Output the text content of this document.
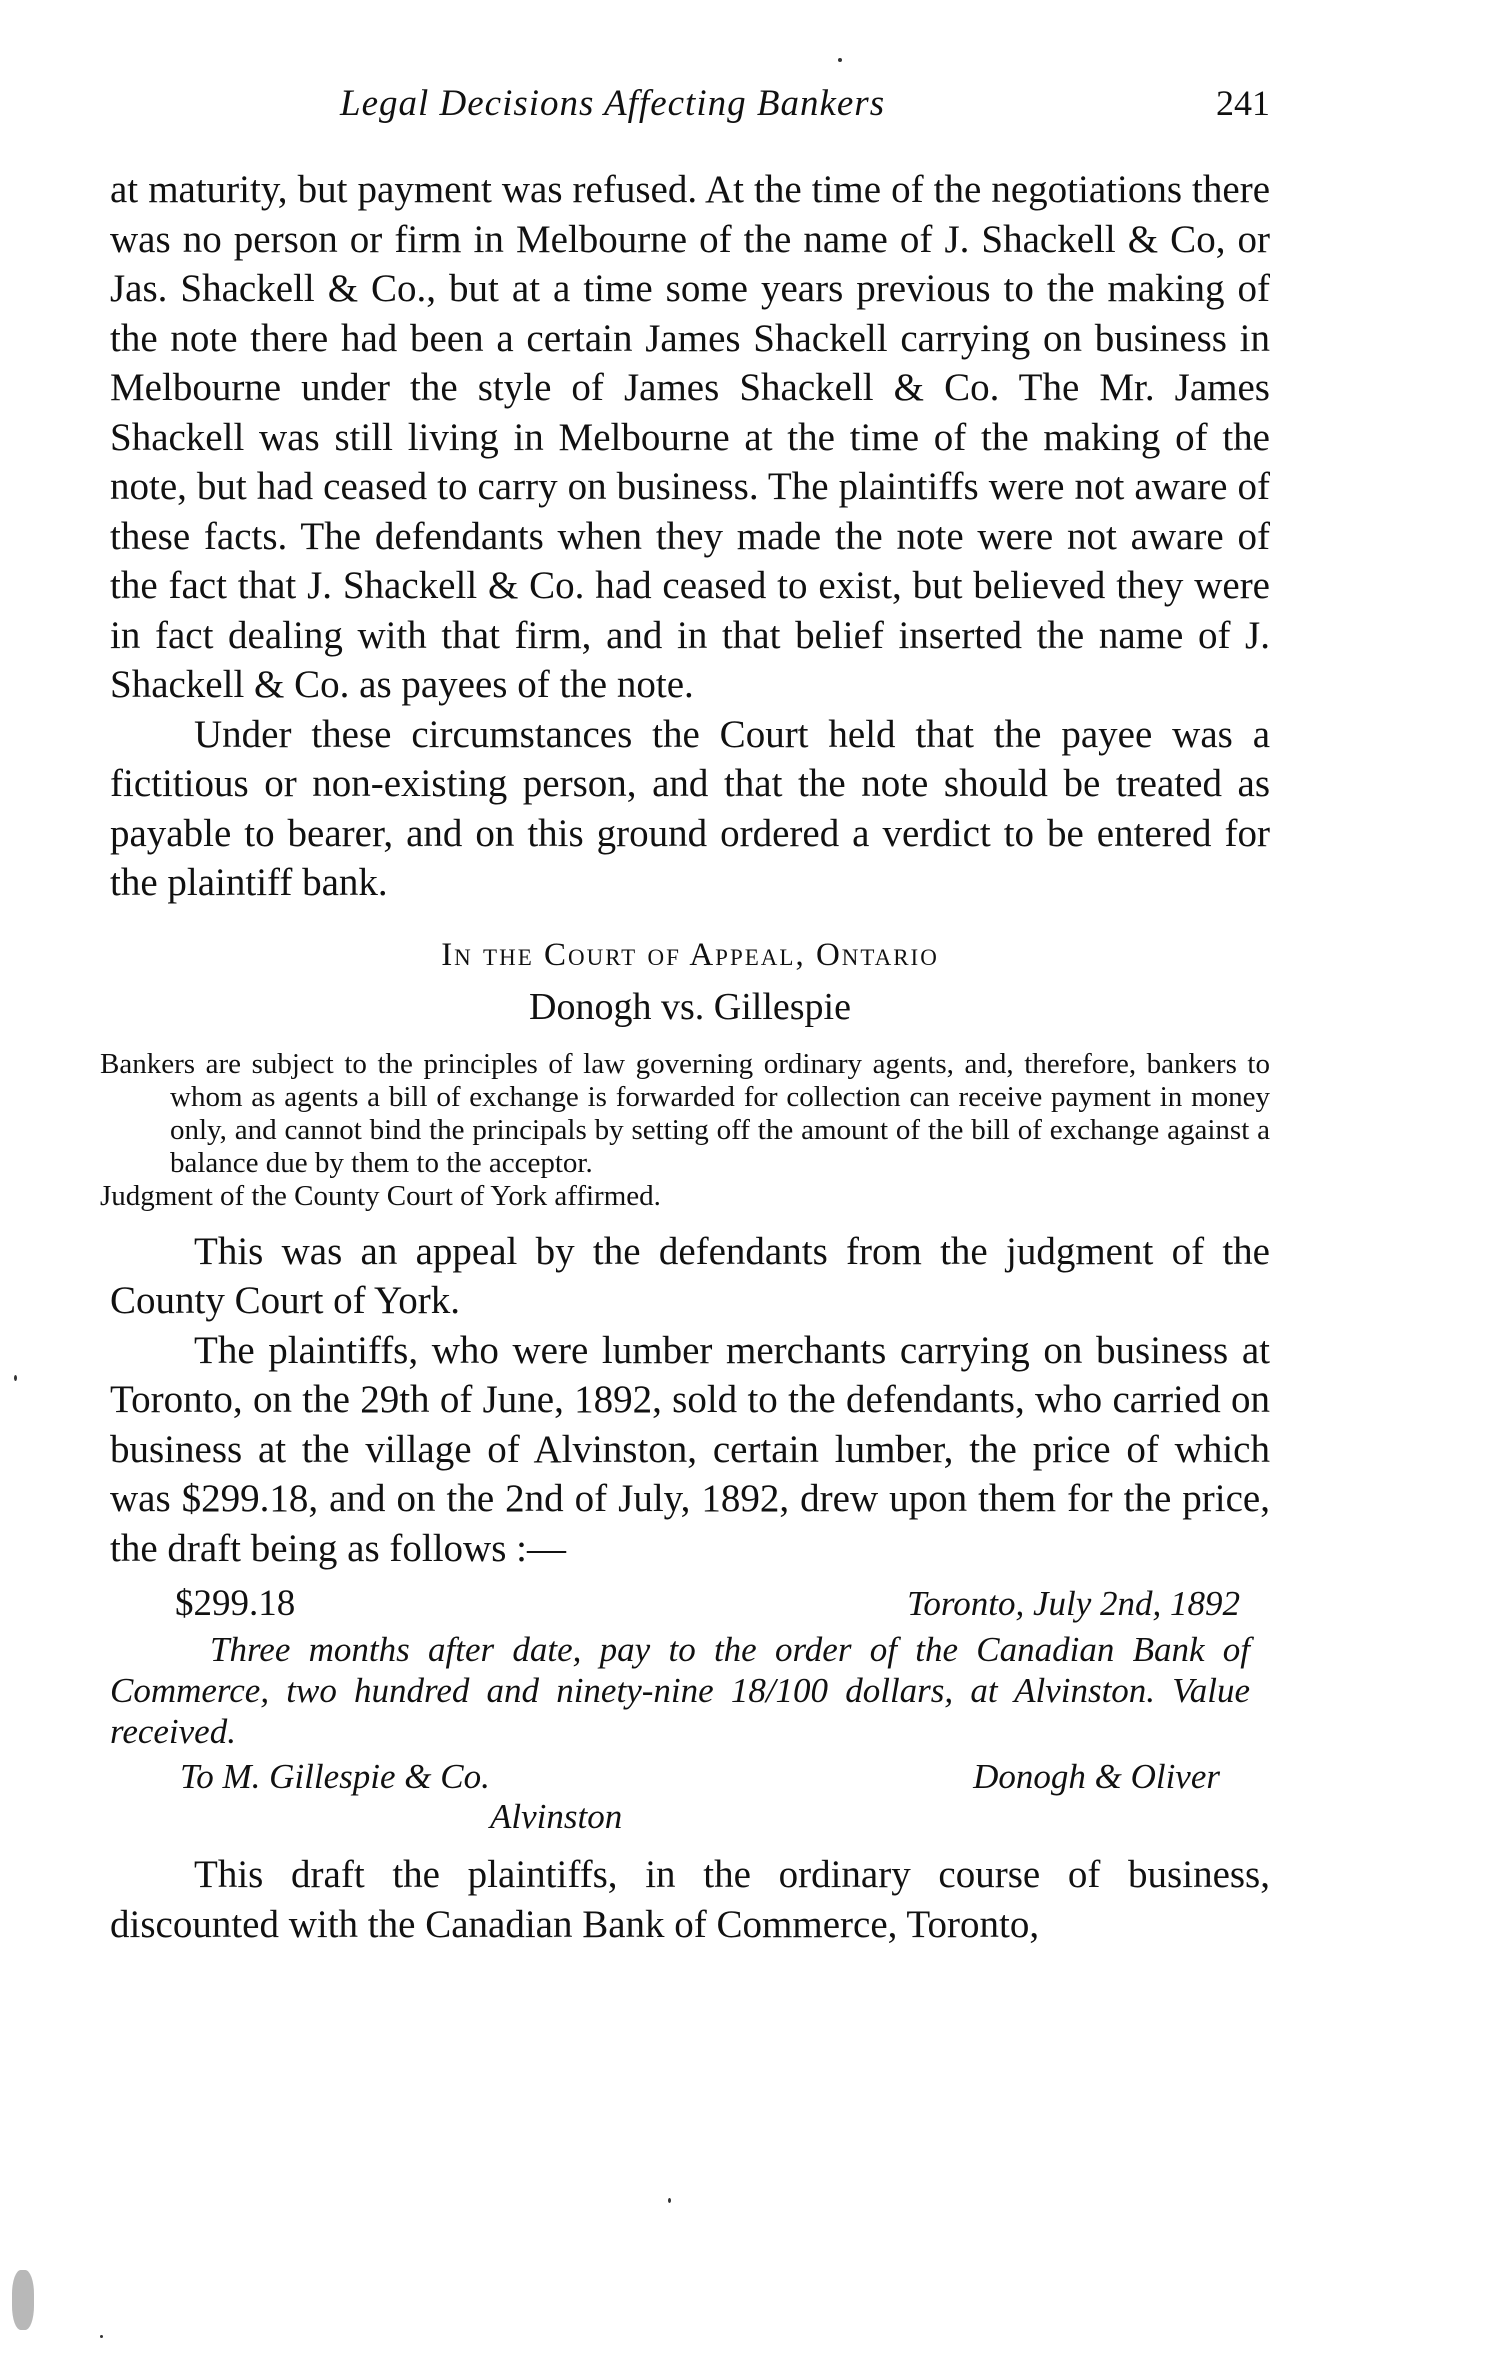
Legal Decisions Affecting Bankers	241

at maturity, but payment was refused. At the time of the negotiations there was no person or firm in Melbourne of the name of J. Shackell & Co, or Jas. Shackell & Co., but at a time some years previous to the making of the note there had been a certain James Shackell carrying on business in Melbourne under the style of James Shackell & Co. The Mr. James Shackell was still living in Melbourne at the time of the making of the note, but had ceased to carry on business. The plaintiffs were not aware of these facts. The defendants when they made the note were not aware of the fact that J. Shackell & Co. had ceased to exist, but believed they were in fact dealing with that firm, and in that belief inserted the name of J. Shackell & Co. as payees of the note.

Under these circumstances the Court held that the payee was a fictitious or non-existing person, and that the note should be treated as payable to bearer, and on this ground ordered a verdict to be entered for the plaintiff bank.

In the Court of Appeal, Ontario
Donogh vs. Gillespie
Bankers are subject to the principles of law governing ordinary agents, and, therefore, bankers to whom as agents a bill of exchange is forwarded for collection can receive payment in money only, and cannot bind the principals by setting off the amount of the bill of exchange against a balance due by them to the acceptor.
Judgment of the County Court of York affirmed.

This was an appeal by the defendants from the judgment of the County Court of York.

The plaintiffs, who were lumber merchants carrying on business at Toronto, on the 29th of June, 1892, sold to the defendants, who carried on business at the village of Alvinston, certain lumber, the price of which was $299.18, and on the 2nd of July, 1892, drew upon them for the price, the draft being as follows :—

$299.18	Toronto, July 2nd, 1892
Three months after date, pay to the order of the Canadian Bank of Commerce, two hundred and ninety-nine 18/100 dollars, at Alvinston. Value received.
To M. Gillespie & Co.	Donogh & Oliver
Alvinston

This draft the plaintiffs, in the ordinary course of business, discounted with the Canadian Bank of Commerce, Toronto,
